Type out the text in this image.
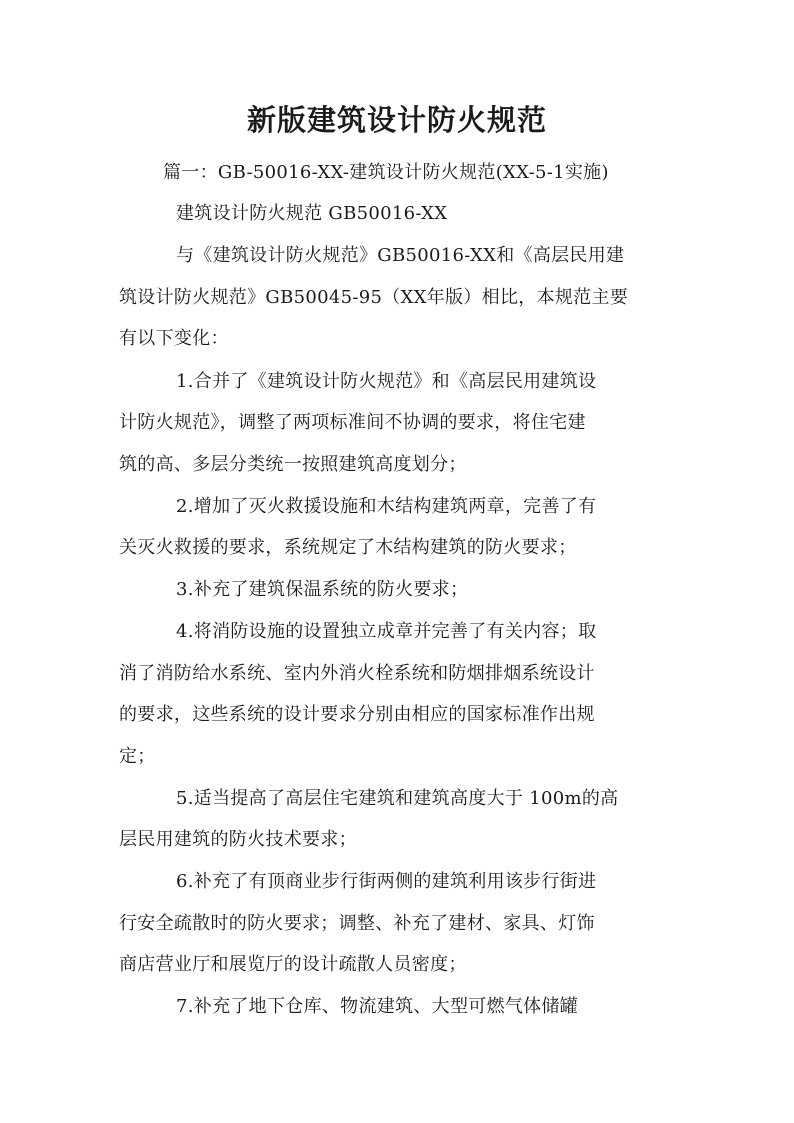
新版建筑设计防火规范
篇一：GB-50016-XX-建筑设计防火规范(XX-5-1实施)
建筑设计防火规范 GB50016-XX
与《建筑设计防火规范》GB50016-XX和《高层民用建
筑设计防火规范》GB50045-95（XX年版）相比，本规范主要
有以下变化：
1.合并了《建筑设计防火规范》和《高层民用建筑设
计防火规范》，调整了两项标准间不协调的要求，将住宅建
筑的高、多层分类统一按照建筑高度划分；
2.增加了灭火救援设施和木结构建筑两章，完善了有
关灭火救援的要求，系统规定了木结构建筑的防火要求；
3.补充了建筑保温系统的防火要求；
4.将消防设施的设置独立成章并完善了有关内容；取
消了消防给水系统、室内外消火栓系统和防烟排烟系统设计
的要求，这些系统的设计要求分别由相应的国家标准作出规
定；
5.适当提高了高层住宅建筑和建筑高度大于 100m的高
层民用建筑的防火技术要求；
6.补充了有顶商业步行街两侧的建筑利用该步行街进
行安全疏散时的防火要求；调整、补充了建材、家具、灯饰
商店营业厅和展览厅的设计疏散人员密度；
7.补充了地下仓库、物流建筑、大型可燃气体储罐
